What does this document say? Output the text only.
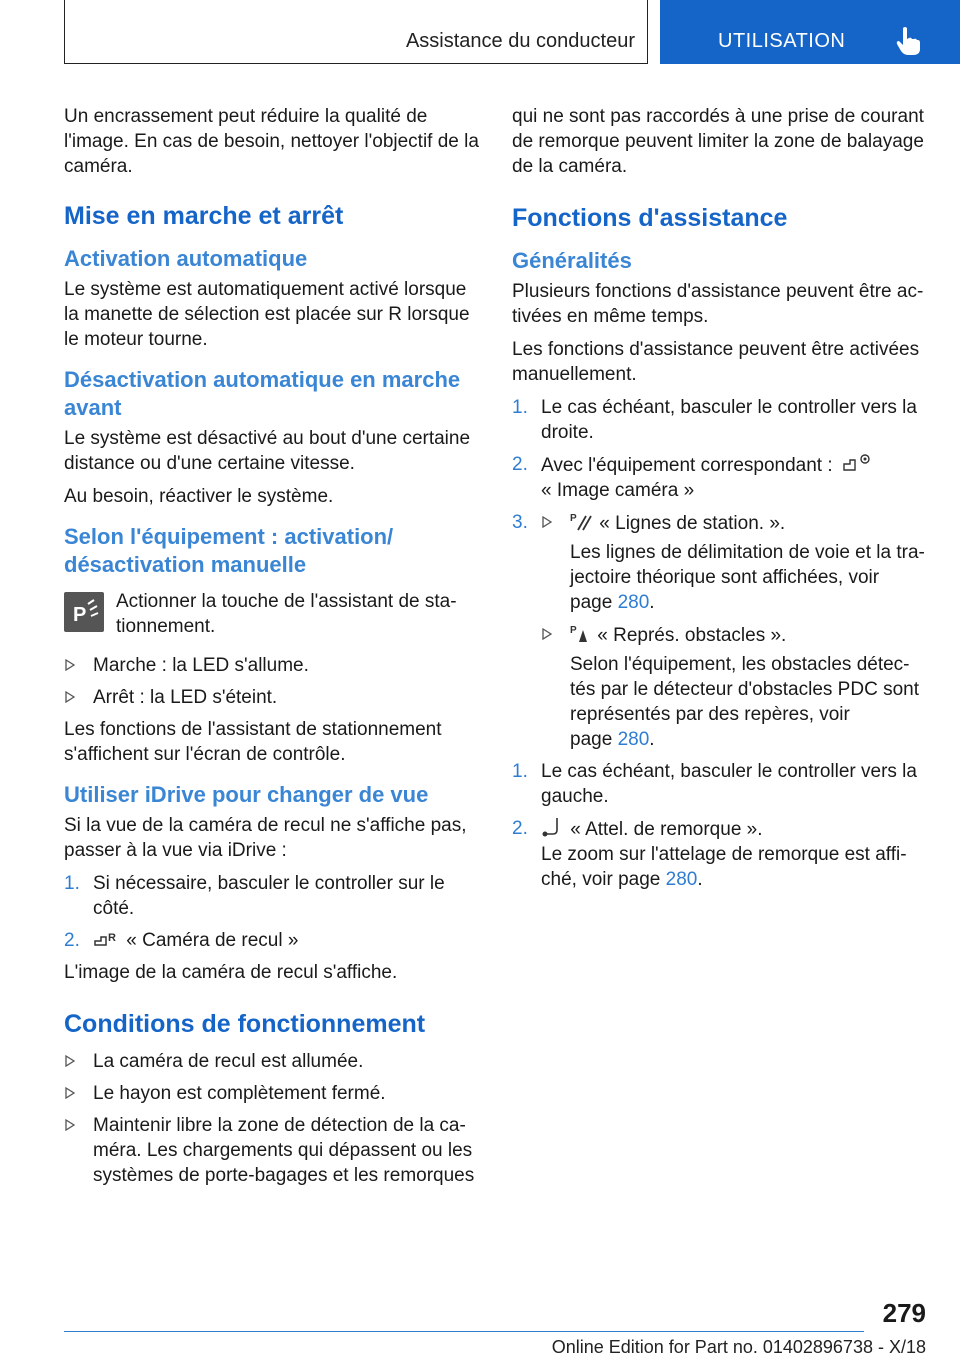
Assistance du conducteur	UTILISATION

Un encrassement peut réduire la qualité de l'image. En cas de besoin, nettoyer l'objectif de la caméra.

Mise en marche et arrêt
Activation automatique

Le système est automatiquement activé lorsque la manette de sélection est placée sur R lorsque le moteur tourne.

Désactivation automatique en marche avant

Le système est désactivé au bout d'une certaine distance ou d'une certaine vitesse.

Au besoin, réactiver le système.

Selon l'équipement : activation/ désactivation manuelle
P
Actionner la touche de l'assistant de stationnement.
Marche : la LED s'allume.
Arrêt : la LED s'éteint.

Les fonctions de l'assistant de stationnement s'affichent sur l'écran de contrôle.

Utiliser iDrive pour changer de vue

Si la vue de la caméra de recul ne s'affiche pas, passer à la vue via iDrive :

1. Si nécessaire, basculer le controller sur le côté.
2.	R « Caméra de recul »

L'image de la caméra de recul s'affiche.

Conditions de fonctionnement
La caméra de recul est allumée.
Le hayon est complètement fermé.
Maintenir libre la zone de détection de la caméra. Les chargements qui dépassent ou les systèmes de porte-bagages et les remorques

qui ne sont pas raccordés à une prise de courant de remorque peuvent limiter la zone de balayage de la caméra.

Fonctions d'assistance
Généralités

Plusieurs fonctions d'assistance peuvent être activées en même temps.

Les fonctions d'assistance peuvent être activées manuellement.

1. Le cas échéant, basculer le controller vers la droite.
2. Avec l'équipement correspondant :
« Image caméra »
3.	P « Lignes de station. ».
Les lignes de délimitation de voie et la trajectoire théorique sont affichées, voir
page 280.
P « Représ. obstacles ».
Selon l'équipement, les obstacles détectés par le détecteur d'obstacles PDC sont représentés par des repères, voir
page 280.
1. Le cas échéant, basculer le controller vers la gauche.
2. « Attel. de remorque ».
Le zoom sur l'attelage de remorque est affiché, voir page 280.
279
Online Edition for Part no. 01402896738 - X/18
